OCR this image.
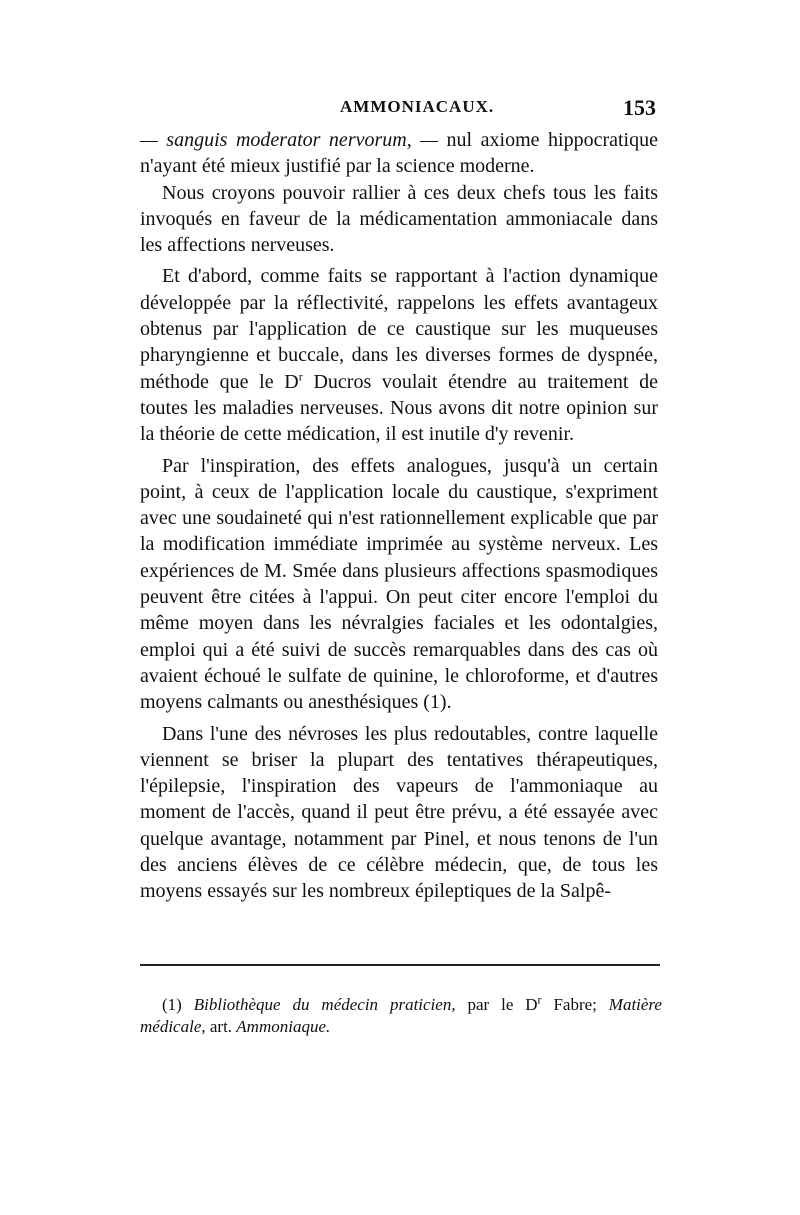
AMMONIACAUX.	153

— sanguis moderator nervorum, — nul axiome hippocratique n'ayant été mieux justifié par la science moderne.

Nous croyons pouvoir rallier à ces deux chefs tous les faits invoqués en faveur de la médicamentation ammoniacale dans les affections nerveuses.

Et d'abord, comme faits se rapportant à l'action dynamique développée par la réflectivité, rappelons les effets avantageux obtenus par l'application de ce caustique sur les muqueuses pharyngienne et buccale, dans les diverses formes de dyspnée, méthode que le $D^r$ Ducros voulait étendre au traitement de toutes les maladies nerveuses. Nous avons dit notre opinion sur la théorie de cette médication, il est inutile d'y revenir.

Par l'inspiration, des effets analogues, jusqu'à un certain point, à ceux de l'application locale du caustique, s'expriment avec une soudaineté qui n'est rationnellement explicable que par la modification immédiate imprimée au système nerveux. Les expériences de M. Smée dans plusieurs affections spasmodiques peuvent être citées à l'appui. On peut citer encore l'emploi du même moyen dans les névralgies faciales et les odontalgies, emploi qui a été suivi de succès remarquables dans des cas où avaient échoué le sulfate de quinine, le chloroforme, et d'autres moyens calmants ou anesthésiques (1).

Dans l'une des névroses les plus redoutables, contre laquelle viennent se briser la plupart des tentatives thérapeutiques, l'épilepsie, l'inspiration des vapeurs de l'ammoniaque au moment de l'accès, quand il peut être prévu, a été essayée avec quelque avantage, notamment par Pinel, et nous tenons de l'un des anciens élèves de ce célèbre médecin, que, de tous les moyens essayés sur les nombreux épileptiques de la Salpê-

(1) Bibliothèque du médecin praticien, par le $D^r$ Fabre; Matière médicale, art. Ammoniaque.
